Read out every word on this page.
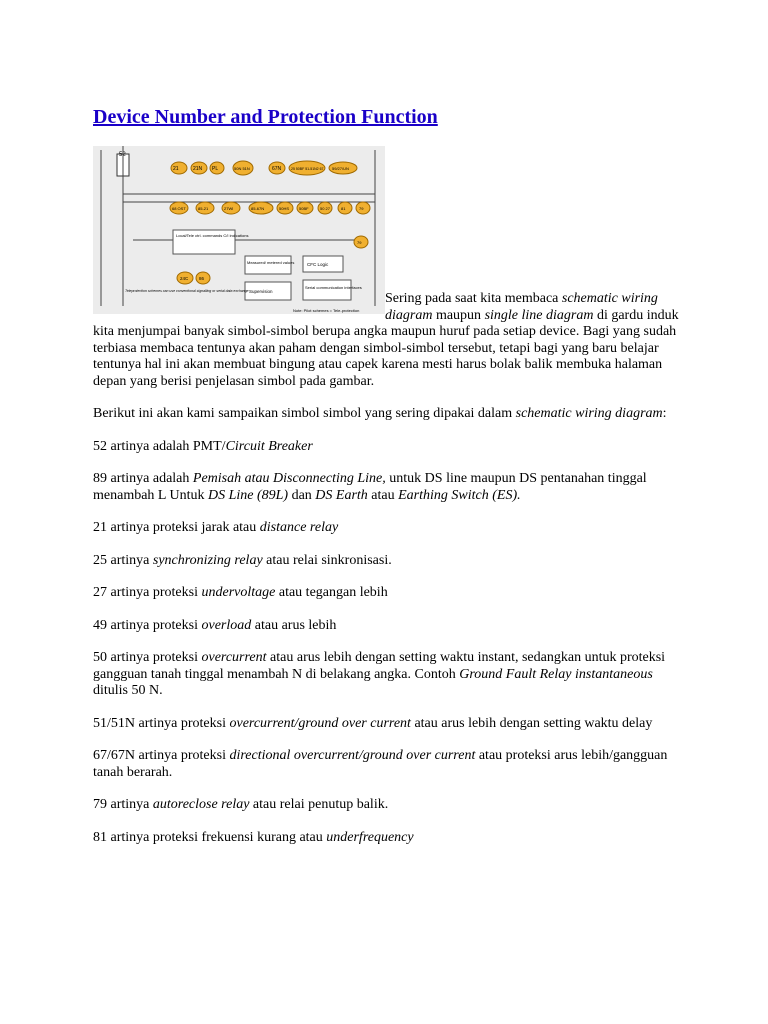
Device Number and Protection Function
52
21	21N PL	50N 51N	67N	25 50BF 51-51N2 67 59/27/UN
68 OST	85-21	27WI	85-67N	50HS 50BF	50 27	81	79
79
Local/Tele ctrl. commands C/I indications
Measured/ metered values	CFC Logic
Supervision
Serial communication interfaces
24C 86
Teleprotection schemes can use conventional signalling or serial data exchange
Note: Pilot schemes = Tele-protection

Sering pada saat kita membaca schematic wiring diagram maupun single line diagram di gardu induk kita menjumpai banyak simbol-simbol berupa angka maupun huruf pada setiap device. Bagi yang sudah terbiasa membaca tentunya akan paham dengan simbol-simbol tersebut, tetapi bagi yang baru belajar tentunya hal ini akan membuat bingung atau capek karena mesti harus bolak balik membuka halaman depan yang berisi penjelasan simbol pada gambar.

Berikut ini akan kami sampaikan simbol simbol yang sering dipakai dalam schematic wiring diagram:

52 artinya adalah PMT/Circuit Breaker

89 artinya adalah Pemisah atau Disconnecting Line, untuk DS line maupun DS pentanahan tinggal menambah L Untuk DS Line (89L) dan DS Earth atau Earthing Switch (ES).

21 artinya proteksi jarak atau distance relay

25 artinya synchronizing relay atau relai sinkronisasi.

27 artinya proteksi undervoltage atau tegangan lebih

49 artinya proteksi overload atau arus lebih

50 artinya proteksi overcurrent atau arus lebih dengan setting waktu instant, sedangkan untuk proteksi gangguan tanah tinggal menambah N di belakang angka. Contoh Ground Fault Relay instantaneous ditulis 50 N.

51/51N artinya proteksi overcurrent/ground over current atau arus lebih dengan setting waktu delay

67/67N artinya proteksi directional overcurrent/ground over current atau proteksi arus lebih/gangguan tanah berarah.

79 artinya autoreclose relay atau relai penutup balik.

81 artinya proteksi frekuensi kurang atau underfrequency
